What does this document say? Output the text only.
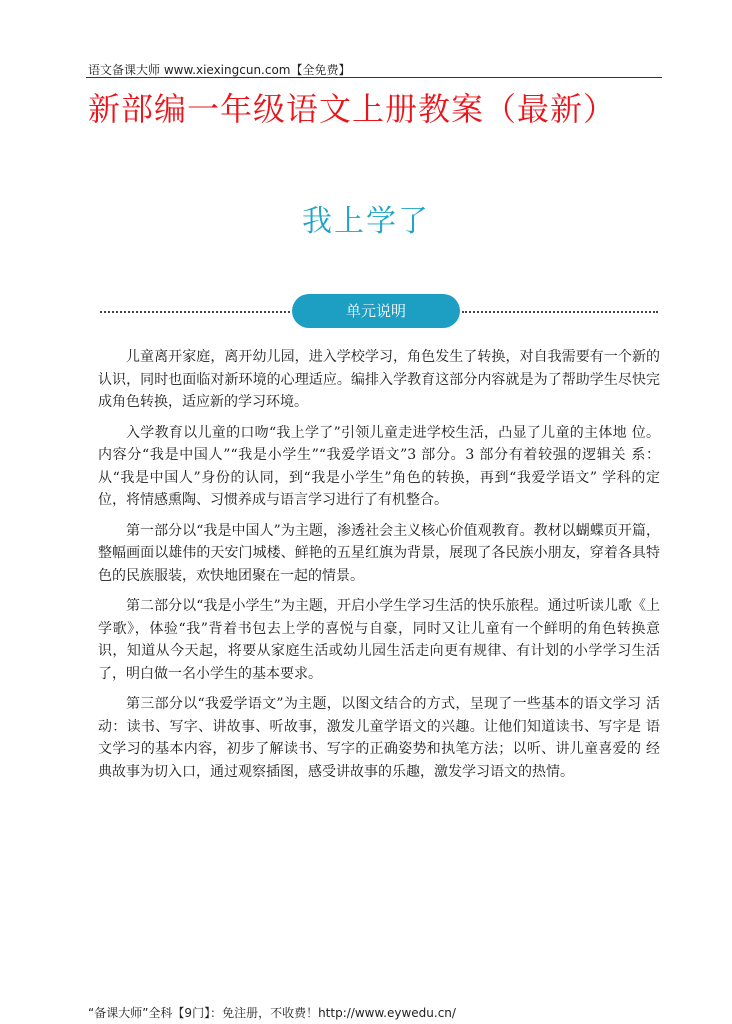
语文备课大师 www.xiexingcun.com【全免费】
新部编一年级语文上册教案（最新）
我上学了
单元说明

儿童离开家庭，离开幼儿园，进入学校学习，角色发生了转换，对自我需要有一个新的认识，同时也面临对新环境的心理适应。编排入学教育这部分内容就是为了帮助学生尽快完成角色转换，适应新的学习环境。

入学教育以儿童的口吻“我上学了”引领儿童走进学校生活，凸显了儿童的主体地 位。内容分“我是中国人”“我是小学生”“我爱学语文”3 部分。3 部分有着较强的逻辑关 系：从“我是中国人”身份的认同，到“我是小学生”角色的转换，再到“我爱学语文” 学科的定位，将情感熏陶、习惯养成与语言学习进行了有机整合。

第一部分以“我是中国人”为主题，渗透社会主义核心价值观教育。教材以蝴蝶页开篇，整幅画面以雄伟的天安门城楼、鲜艳的五星红旗为背景，展现了各民族小朋友，穿着各具特色的民族服装，欢快地团聚在一起的情景。

第二部分以“我是小学生”为主题，开启小学生学习生活的快乐旅程。通过听读儿歌《上学歌》，体验“我”背着书包去上学的喜悦与自豪，同时又让儿童有一个鲜明的角色转换意识，知道从今天起，将要从家庭生活或幼儿园生活走向更有规律、有计划的小学学习生活了，明白做一名小学生的基本要求。

第三部分以“我爱学语文”为主题，以图文结合的方式，呈现了一些基本的语文学习 活动：读书、写字、讲故事、听故事，激发儿童学语文的兴趣。让他们知道读书、写字是 语文学习的基本内容，初步了解读书、写字的正确姿势和执笔方法；以听、讲儿童喜爱的 经典故事为切入口，通过观察插图，感受讲故事的乐趣，激发学习语文的热情。

“备课大师”全科【9门】：免注册，不收费！http://www.eywedu.cn/
